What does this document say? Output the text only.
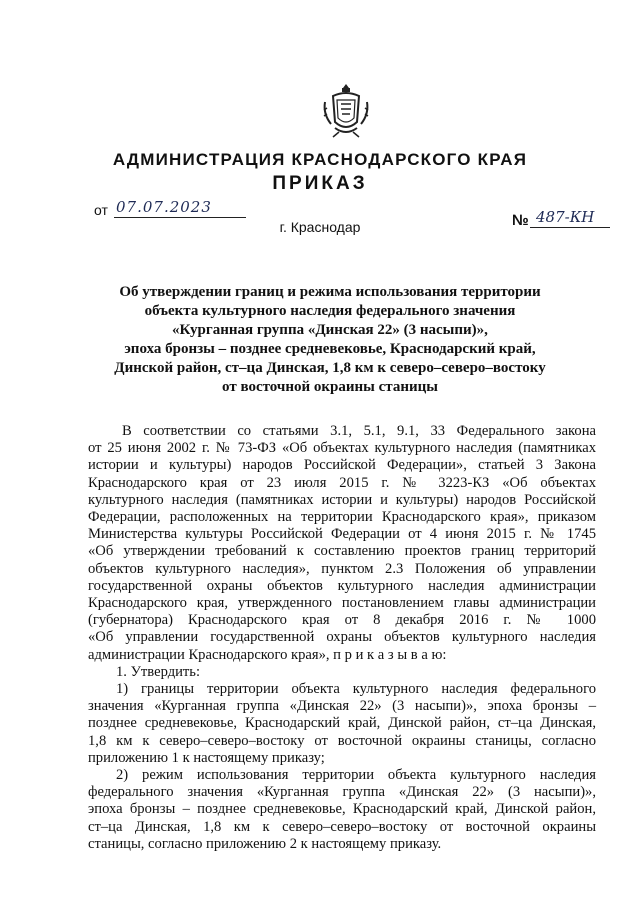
АДМИНИСТРАЦИЯ КРАСНОДАРСКОГО КРАЯ
ПРИКАЗ
от 07.07.2023
г. Краснодар	№ 487-КН
Об утверждении границ и режима использования территории
объекта культурного наследия федерального значения
«Курганная группа «Динская 22» (3 насыпи)»,
эпоха бронзы – позднее средневековье, Краснодарский край,
Динской район, ст–ца Динская, 1,8 км к северо–северо–востоку
от восточной окраины станицы
В соответствии со статьями 3.1, 5.1, 9.1, 33 Федерального закона
от 25 июня 2002 г. № 73-ФЗ «Об объектах культурного наследия (памятниках
истории и культуры) народов Российской Федерации», статьей 3 Закона
Краснодарского края от 23 июля 2015 г. № 3223-КЗ «Об объектах
культурного наследия (памятниках истории и культуры) народов Российской
Федерации, расположенных на территории Краснодарского края», приказом
Министерства культуры Российской Федерации от 4 июня 2015 г. № 1745
«Об утверждении требований к составлению проектов границ территорий
объектов культурного наследия», пунктом 2.3 Положения об управлении
государственной охраны объектов культурного наследия администрации
Краснодарского края, утвержденного постановлением главы администрации
(губернатора) Краснодарского края от 8 декабря 2016 г. № 1000
«Об управлении государственной охраны объектов культурного наследия
администрации Краснодарского края», п р и к а з ы в а ю:
1. Утвердить:
1) границы территории объекта культурного наследия федерального
значения «Курганная группа «Динская 22» (3 насыпи)», эпоха бронзы –
позднее средневековье, Краснодарский край, Динской район, ст–ца Динская,
1,8 км к северо–северо–востоку от восточной окраины станицы, согласно
приложению 1 к настоящему приказу;
2) режим использования территории объекта культурного наследия
федерального значения «Курганная группа «Динская 22» (3 насыпи)»,
эпоха бронзы – позднее средневековье, Краснодарский край, Динской район,
ст–ца Динская, 1,8 км к северо–северо–востоку от восточной окраины
станицы, согласно приложению 2 к настоящему приказу.
